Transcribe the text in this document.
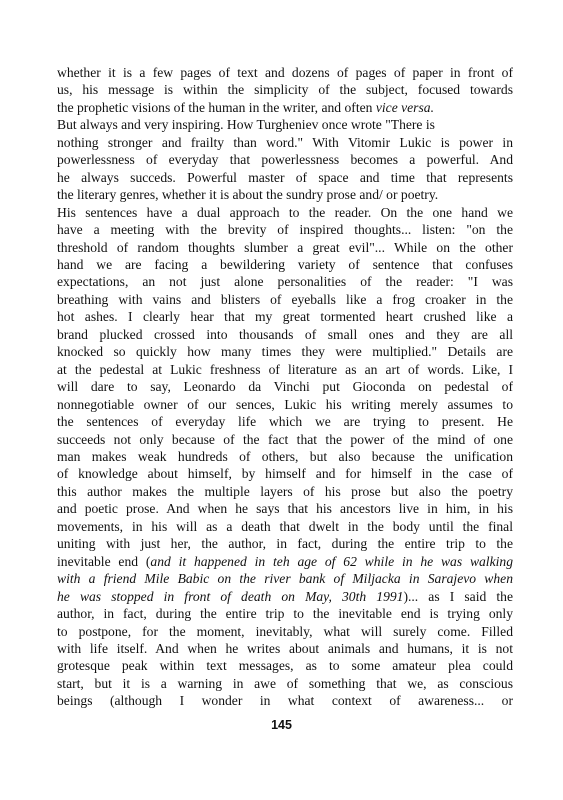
whether it is a few pages of text and dozens of pages of paper in front of
us, his message is within the simplicity of the subject, focused towards
the prophetic visions of the human in the writer, and often vice versa.
But always and very inspiring. How Turgheniev once wrote "There is
nothing stronger and frailty than word." With Vitomir Lukic is power in
powerlessness of everyday that powerlessness becomes a powerful. And
he always succeds. Powerful master of space and time that represents
the literary genres, whether it is about the sundry prose and/ or poetry.
His sentences have a dual approach to the reader. On the one hand we
have a meeting with the brevity of inspired thoughts... listen: "on the
threshold of random thoughts slumber a great evil"... While on the other
hand we are facing a bewildering variety of sentence that confuses
expectations, an not just alone personalities of the reader: "I was
breathing with vains and blisters of eyeballs like a frog croaker in the
hot ashes. I clearly hear that my great tormented heart crushed like a
brand plucked crossed into thousands of small ones and they are all
knocked so quickly how many times they were multiplied." Details are
at the pedestal at Lukic freshness of literature as an art of words. Like, I
will dare to say, Leonardo da Vinchi put Gioconda on pedestal of
nonnegotiable owner of our sences, Lukic his writing merely assumes to
the sentences of everyday life which we are trying to present. He
succeeds not only because of the fact that the power of the mind of one
man makes weak hundreds of others, but also because the unification
of knowledge about himself, by himself and for himself in the case of
this author makes the multiple layers of his prose but also the poetry
and poetic prose. And when he says that his ancestors live in him, in his
movements, in his will as a death that dwelt in the body until the final
uniting with just her, the author, in fact, during the entire trip to the
inevitable end (and it happened in teh age of 62 while in he was walking
with a friend Mile Babic on the river bank of Miljacka in Sarajevo when
he was stopped in front of death on May, 30th 1991)... as I said the
author, in fact, during the entire trip to the inevitable end is trying only
to postpone, for the moment, inevitably, what will surely come. Filled
with life itself. And when he writes about animals and humans, it is not
grotesque peak within text messages, as to some amateur plea could
start, but it is a warning in awe of something that we, as conscious
beings (although I wonder in what context of awareness... or
145
